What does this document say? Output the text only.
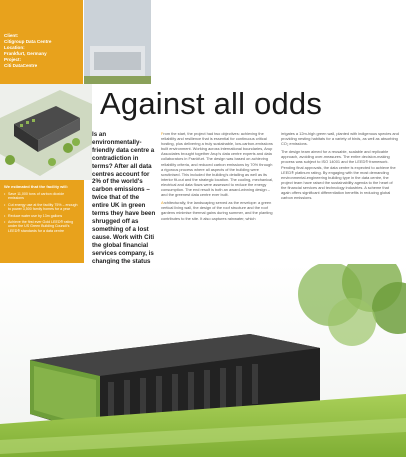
Client:
Citigroup Data Centre
Location:
Frankfurt, Germany
Project:
Citi DataCentre
Against all odds
We estimated that the facility will:
• Save 11,000 tons of carbon dioxide emissions
• Cut energy use at the facility 75% – enough to power 3,500 family homes for a year
• Reduce water use by 13m gallons
• Achieve the first ever Gold LEED® rating under the US Green Building Council's LEED® standards for a data centre

Is an environmentally-friendly data centre a contradiction in terms? After all data centres account for 2% of the world's carbon emissions – twice that of the entire UK in green terms they have been shrugged off as something of a lost cause. Work with Citi the global financial services company, is changing the status

From the start, the project had two objectives: achieving the reliability and resilience that is essential for continuous critical hosting, plus delivering a truly sustainable, low-carbon-emissions built environment. Working across international boundaries, Arup Associates brought together Arup's data centre experts and data collaborators in Frankfurt. The design was based on achieving reliability criteria, and reduced carbon emissions by 70% through a rigorous process where all aspects of the building were scrutinised. This included the building's detailing as well as its interior fit-out and the strategic location. The cooling, mechanical, electrical and data flows were assessed to reduce the energy consumption. The end result is both an award-winning design – and the greenest data centre ever built.

Architecturally, the landscaping served as the envelope: a green vertical living wall, the design of the roof structure and the roof gardens minimise thermal gains during summer, and the planting contributes to the site. It also captures rainwater, which

irrigates a 12m-high green wall, planted with indigenous species and providing nesting habitats for a variety of birds, as well as absorbing CO₂ emissions.

The design team aimed for a reusable, scalable and replicable approach, avoiding over-measures. The entire decision-making process was subject to ISO 14001 and the LEED® framework. Pending final approvals, the data centre is expected to achieve the LEED® platinum rating. By engaging with the most demanding environmental-engineering building type in the data centre, the project team have raised the sustainability agenda to the heart of the financial services and technology industries. A scheme that again offers significant differentiation benefits in reducing global carbon emissions.
